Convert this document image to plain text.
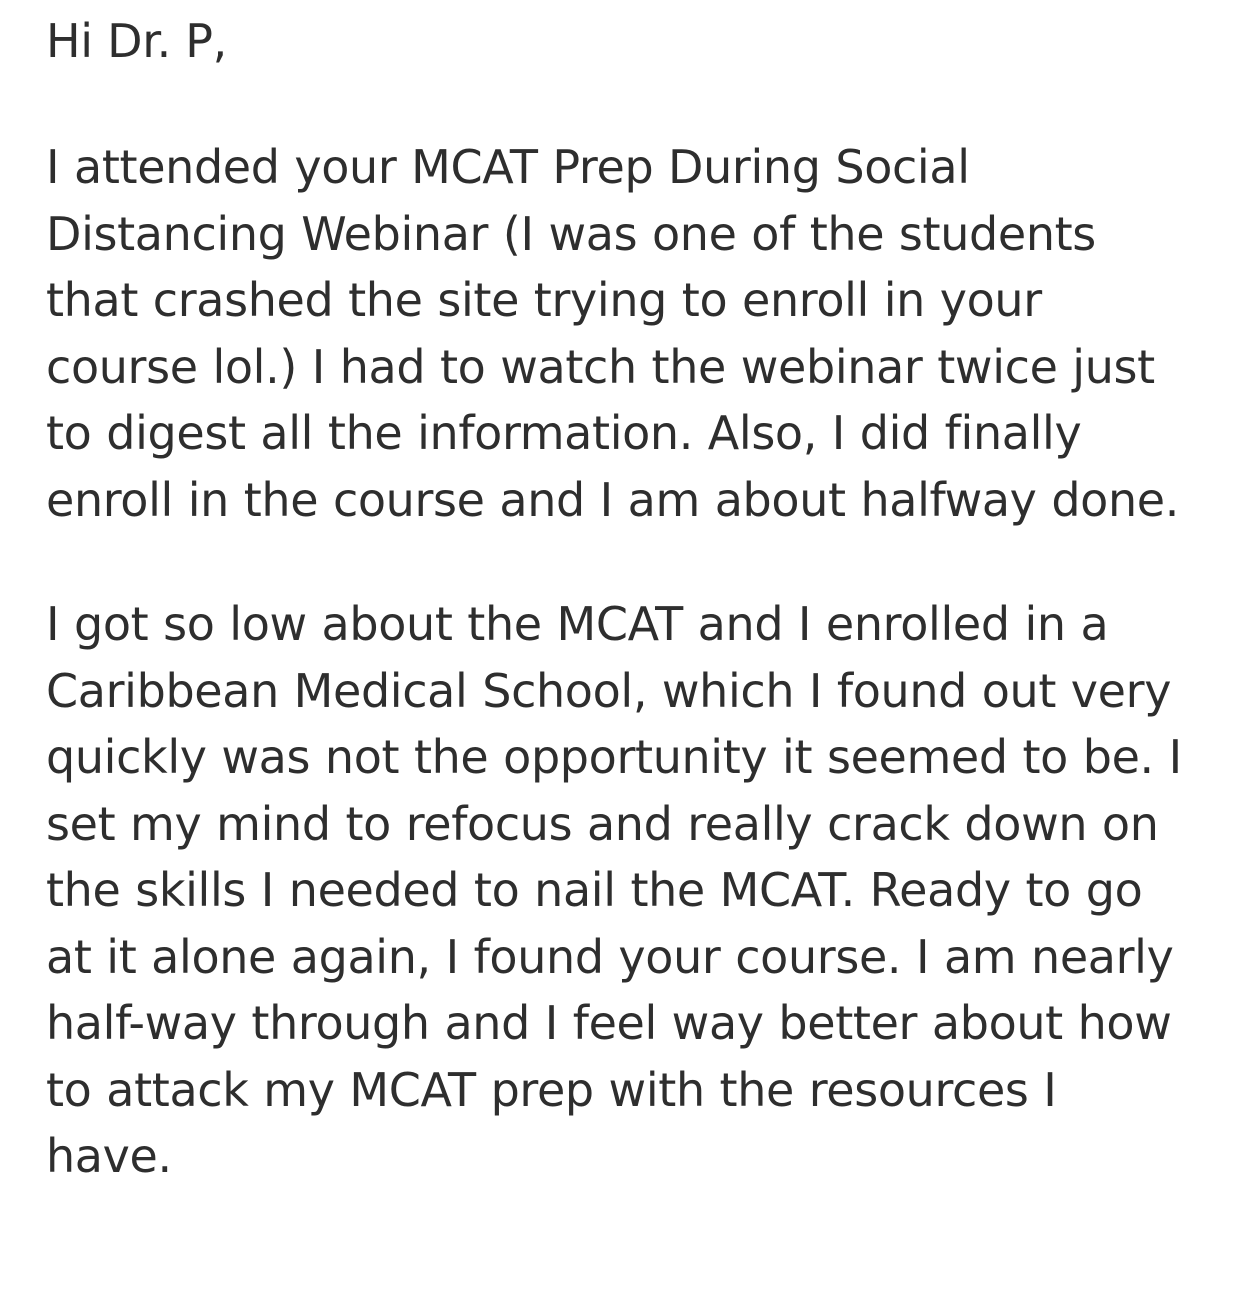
Hi Dr. P,

I attended your MCAT Prep During Social Distancing Webinar (I was one of the students that crashed the site trying to enroll in your course lol.) I had to watch the webinar twice just to digest all the information. Also, I did finally enroll in the course and I am about halfway done.

I got so low about the MCAT and I enrolled in a Caribbean Medical School, which I found out very quickly was not the opportunity it seemed to be. I set my mind to refocus and really crack down on the skills I needed to nail the MCAT. Ready to go at it alone again, I found your course. I am nearly half-way through and I feel way better about how to attack my MCAT prep with the resources I have.
